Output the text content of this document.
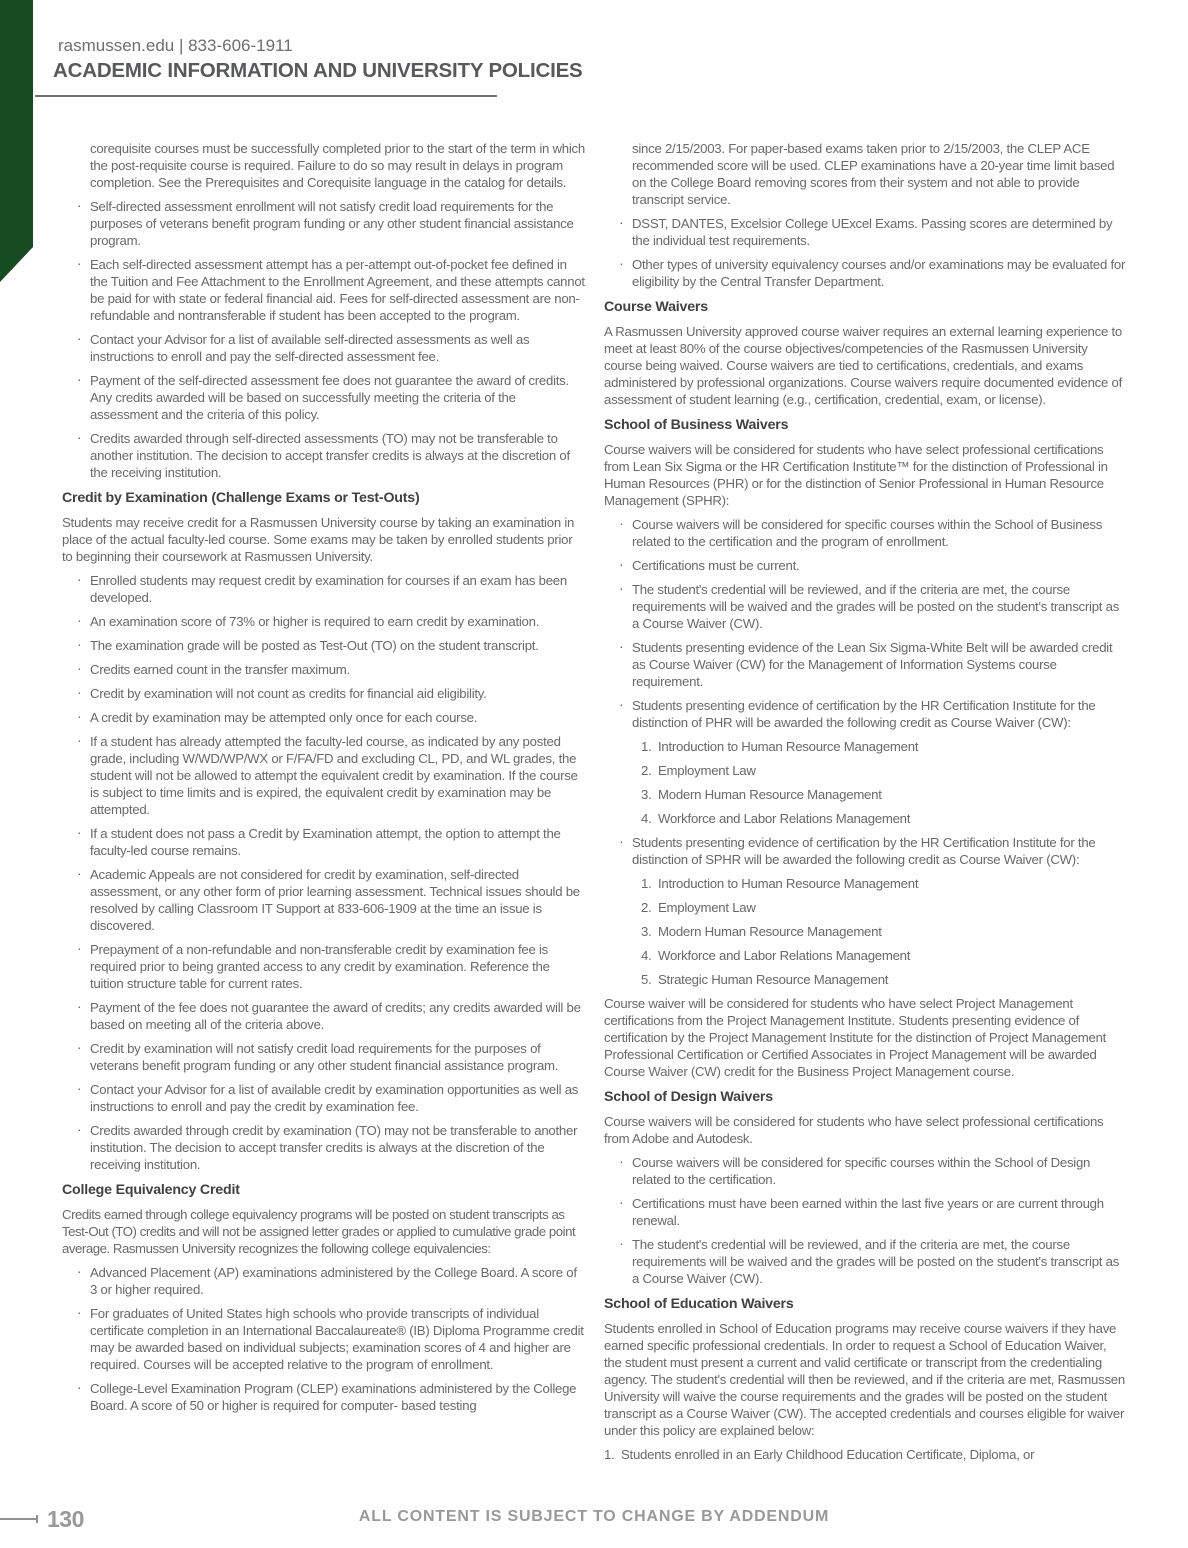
rasmussen.edu | 833-606-1911
ACADEMIC INFORMATION AND UNIVERSITY POLICIES
corequisite courses must be successfully completed prior to the start of the term in which the post-requisite course is required. Failure to do so may result in delays in program completion. See the Prerequisites and Corequisite language in the catalog for details.
· Self-directed assessment enrollment will not satisfy credit load requirements for the purposes of veterans benefit program funding or any other student financial assistance program.
· Each self-directed assessment attempt has a per-attempt out-of-pocket fee defined in the Tuition and Fee Attachment to the Enrollment Agreement, and these attempts cannot be paid for with state or federal financial aid. Fees for self-directed assessment are non-refundable and nontransferable if student has been accepted to the program.
· Contact your Advisor for a list of available self-directed assessments as well as instructions to enroll and pay the self-directed assessment fee.
· Payment of the self-directed assessment fee does not guarantee the award of credits. Any credits awarded will be based on successfully meeting the criteria of the assessment and the criteria of this policy.
· Credits awarded through self-directed assessments (TO) may not be transferable to another institution. The decision to accept transfer credits is always at the discretion of the receiving institution.
Credit by Examination (Challenge Exams or Test-Outs)
Students may receive credit for a Rasmussen University course by taking an examination in place of the actual faculty-led course. Some exams may be taken by enrolled students prior to beginning their coursework at Rasmussen University.
· Enrolled students may request credit by examination for courses if an exam has been developed.
· An examination score of 73% or higher is required to earn credit by examination.
· The examination grade will be posted as Test-Out (TO) on the student transcript.
· Credits earned count in the transfer maximum.
· Credit by examination will not count as credits for financial aid eligibility.
· A credit by examination may be attempted only once for each course.
· If a student has already attempted the faculty-led course, as indicated by any posted grade, including W/WD/WP/WX or F/FA/FD and excluding CL, PD, and WL grades, the student will not be allowed to attempt the equivalent credit by examination. If the course is subject to time limits and is expired, the equivalent credit by examination may be attempted.
· If a student does not pass a Credit by Examination attempt, the option to attempt the faculty-led course remains.
· Academic Appeals are not considered for credit by examination, self-directed assessment, or any other form of prior learning assessment. Technical issues should be resolved by calling Classroom IT Support at 833-606-1909 at the time an issue is discovered.
· Prepayment of a non-refundable and non-transferable credit by examination fee is required prior to being granted access to any credit by examination. Reference the tuition structure table for current rates.
· Payment of the fee does not guarantee the award of credits; any credits awarded will be based on meeting all of the criteria above.
· Credit by examination will not satisfy credit load requirements for the purposes of veterans benefit program funding or any other student financial assistance program.
· Contact your Advisor for a list of available credit by examination opportunities as well as instructions to enroll and pay the credit by examination fee.
· Credits awarded through credit by examination (TO) may not be transferable to another institution. The decision to accept transfer credits is always at the discretion of the receiving institution.
College Equivalency Credit
Credits earned through college equivalency programs will be posted on student transcripts as Test-Out (TO) credits and will not be assigned letter grades or applied to cumulative grade point average. Rasmussen University recognizes the following college equivalencies:
· Advanced Placement (AP) examinations administered by the College Board. A score of 3 or higher required.
· For graduates of United States high schools who provide transcripts of individual certificate completion in an International Baccalaureate® (IB) Diploma Programme credit may be awarded based on individual subjects; examination scores of 4 and higher are required. Courses will be accepted relative to the program of enrollment.
· College-Level Examination Program (CLEP) examinations administered by the College Board. A score of 50 or higher is required for computer- based testing
since 2/15/2003. For paper-based exams taken prior to 2/15/2003, the CLEP ACE recommended score will be used. CLEP examinations have a 20-year time limit based on the College Board removing scores from their system and not able to provide transcript service.
· DSST, DANTES, Excelsior College UExcel Exams. Passing scores are determined by the individual test requirements.
· Other types of university equivalency courses and/or examinations may be evaluated for eligibility by the Central Transfer Department.
Course Waivers
A Rasmussen University approved course waiver requires an external learning experience to meet at least 80% of the course objectives/competencies of the Rasmussen University course being waived. Course waivers are tied to certifications, credentials, and exams administered by professional organizations. Course waivers require documented evidence of assessment of student learning (e.g., certification, credential, exam, or license).
School of Business Waivers
Course waivers will be considered for students who have select professional certifications from Lean Six Sigma or the HR Certification Institute™ for the distinction of Professional in Human Resources (PHR) or for the distinction of Senior Professional in Human Resource Management (SPHR):
· Course waivers will be considered for specific courses within the School of Business related to the certification and the program of enrollment.
· Certifications must be current.
· The student's credential will be reviewed, and if the criteria are met, the course requirements will be waived and the grades will be posted on the student's transcript as a Course Waiver (CW).
· Students presenting evidence of the Lean Six Sigma-White Belt will be awarded credit as Course Waiver (CW) for the Management of Information Systems course requirement.
· Students presenting evidence of certification by the HR Certification Institute for the distinction of PHR will be awarded the following credit as Course Waiver (CW):
1. Introduction to Human Resource Management
2. Employment Law
3. Modern Human Resource Management
4. Workforce and Labor Relations Management
· Students presenting evidence of certification by the HR Certification Institute for the distinction of SPHR will be awarded the following credit as Course Waiver (CW):
1. Introduction to Human Resource Management
2. Employment Law
3. Modern Human Resource Management
4. Workforce and Labor Relations Management
5. Strategic Human Resource Management
Course waiver will be considered for students who have select Project Management certifications from the Project Management Institute. Students presenting evidence of certification by the Project Management Institute for the distinction of Project Management Professional Certification or Certified Associates in Project Management will be awarded Course Waiver (CW) credit for the Business Project Management course.
School of Design Waivers
Course waivers will be considered for students who have select professional certifications from Adobe and Autodesk.
· Course waivers will be considered for specific courses within the School of Design related to the certification.
· Certifications must have been earned within the last five years or are current through renewal.
· The student's credential will be reviewed, and if the criteria are met, the course requirements will be waived and the grades will be posted on the student's transcript as a Course Waiver (CW).
School of Education Waivers
Students enrolled in School of Education programs may receive course waivers if they have earned specific professional credentials. In order to request a School of Education Waiver, the student must present a current and valid certificate or transcript from the credentialing agency. The student's credential will then be reviewed, and if the criteria are met, Rasmussen University will waive the course requirements and the grades will be posted on the student transcript as a Course Waiver (CW). The accepted credentials and courses eligible for waiver under this policy are explained below:
1. Students enrolled in an Early Childhood Education Certificate, Diploma, or
130	ALL CONTENT IS SUBJECT TO CHANGE BY ADDENDUM
